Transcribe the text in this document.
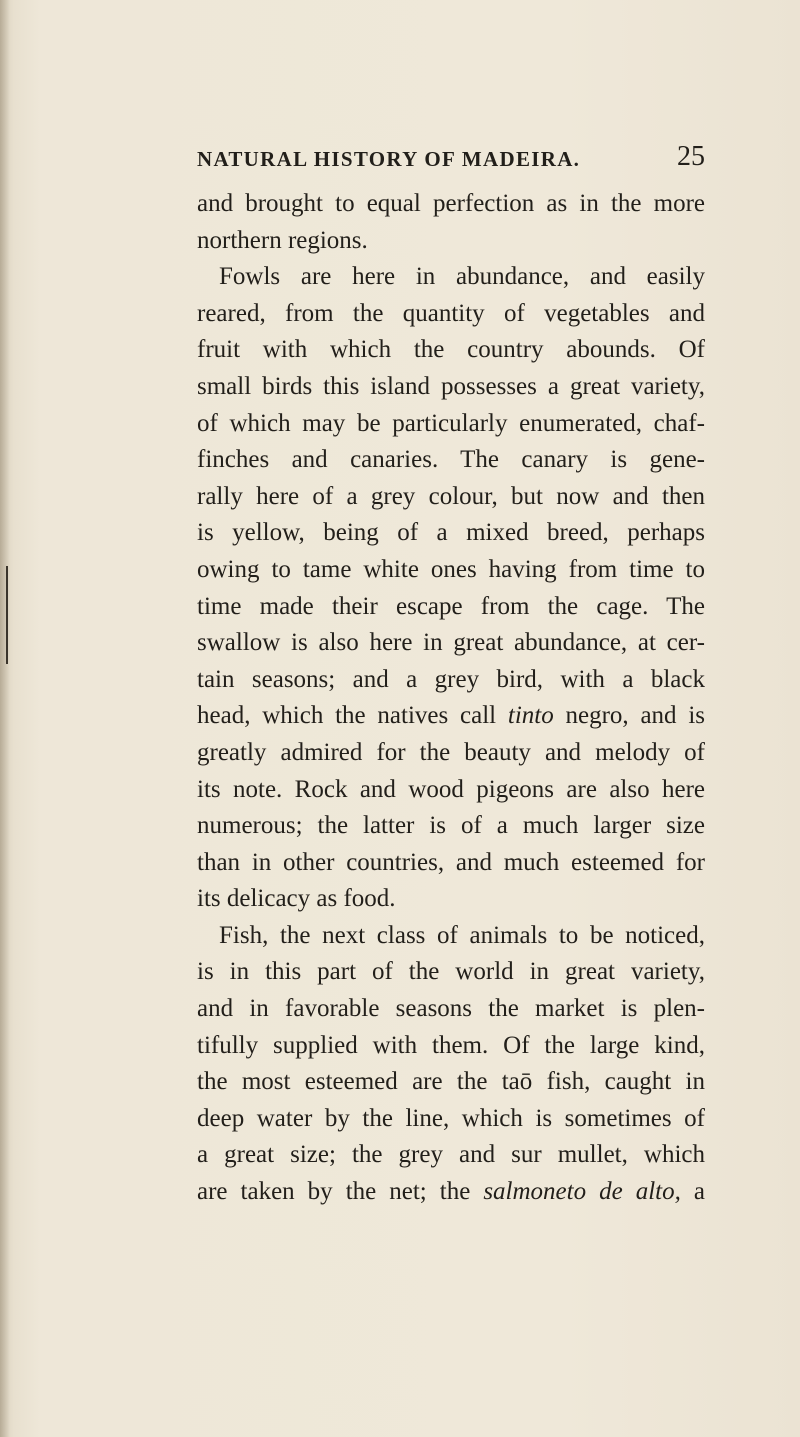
NATURAL HISTORY OF MADEIRA.	25
and brought to equal perfection as in the more
northern regions.
Fowls are here in abundance, and easily
reared, from the quantity of vegetables and
fruit with which the country abounds. Of
small birds this island possesses a great variety,
of which may be particularly enumerated, chaf-
finches and canaries. The canary is gene-
rally here of a grey colour, but now and then
is yellow, being of a mixed breed, perhaps
owing to tame white ones having from time to
time made their escape from the cage. The
swallow is also here in great abundance, at cer-
tain seasons; and a grey bird, with a black
head, which the natives call tinto negro, and is
greatly admired for the beauty and melody of
its note. Rock and wood pigeons are also here
numerous; the latter is of a much larger size
than in other countries, and much esteemed for
its delicacy as food.
Fish, the next class of animals to be noticed,
is in this part of the world in great variety,
and in favorable seasons the market is plen-
tifully supplied with them. Of the large kind,
the most esteemed are the taō fish, caught in
deep water by the line, which is sometimes of
a great size; the grey and sur mullet, which
are taken by the net; the salmoneto de alto, a
